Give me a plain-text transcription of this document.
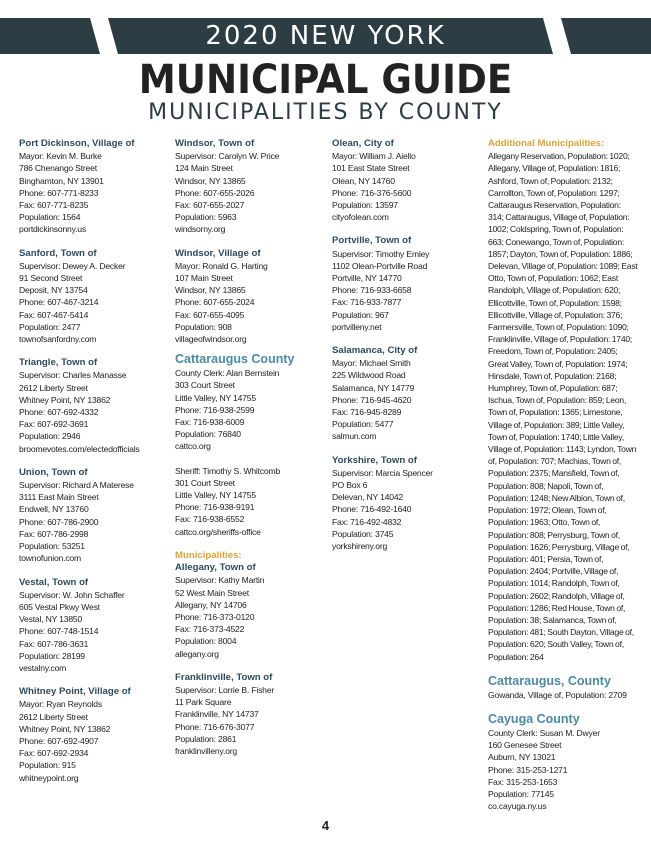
2020 NEW YORK
MUNICIPAL GUIDE
MUNICIPALITIES BY COUNTY
Port Dickinson, Village of
Mayor: Kevin M. Burke
786 Chenango Street
Binghamton, NY 13901
Phone: 607-771-8233
Fax: 607-771-8235
Population: 1564
portdickinsonny.us
Sanford, Town of
Supervisor: Dewey A. Decker
91 Second Street
Deposit, NY 13754
Phone: 607-467-3214
Fax: 607-467-5414
Population: 2477
townofsanfordny.com
Triangle, Town of
Supervisor: Charles Manasse
2612 Liberty Street
Whitney Point, NY 13862
Phone: 607-692-4332
Fax: 607-692-3691
Population: 2946
broomevotes.com/electedofficials
Union, Town of
Supervisor: Richard A Materese
3111 East Main Street
Endwell, NY 13760
Phone: 607-786-2900
Fax: 607-786-2998
Population: 53251
townofunion.com
Vestal, Town of
Supervisor: W. John Schaffer
605 Vestal Pkwy West
Vestal, NY 13850
Phone: 607-748-1514
Fax: 607-786-3631
Population: 28199
vestalny.com
Whitney Point, Village of
Mayor: Ryan Reynolds
2612 Liberty Street
Whitney Point, NY 13862
Phone: 607-692-4907
Fax: 607-692-2934
Population: 915
whitneypoint.org
Windsor, Town of
Supervisor: Carolyn W. Price
124 Main Street
Windsor, NY 13865
Phone: 607-655-2026
Fax: 607-655-2027
Population: 5963
windsorny.org
Windsor, Village of
Mayor: Ronald G. Harting
107 Main Street
Windsor, NY 13865
Phone: 607-655-2024
Fax: 607-655-4095
Population: 908
villageofwindsor.org
Cattaraugus County
County Clerk: Alan Bernstein
303 Court Street
Little Valley, NY 14755
Phone: 716-938-2599
Fax: 716-938-6009
Population: 76840
cattco.org
Sheriff: Timothy S. Whitcomb
301 Court Street
Little Valley, NY 14755
Phone: 716-938-9191
Fax: 716-938-6552
cattco.org/sheriffs-office
Municipalities:
Allegany, Town of
Supervisor: Kathy Martin
52 West Main Street
Allegany, NY 14706
Phone: 716-373-0120
Fax: 716-373-4522
Population: 8004
allegany.org
Franklinville, Town of
Supervisor: Lorrie B. Fisher
11 Park Square
Franklinville, NY 14737
Phone: 716-676-3077
Population: 2861
franklinvilleny.org
Olean, City of
Mayor: William J. Aiello
101 East State Street
Olean, NY 14760
Phone: 716-376-5600
Population: 13597
cityofolean.com
Portville, Town of
Supervisor: Timothy Emley
1102 Olean-Portville Road
Portville, NY 14770
Phone: 716-933-6658
Fax: 716-933-7877
Population: 967
portvilleny.net
Salamanca, City of
Mayor: Michael Smith
225 Wildwood Road
Salamanca, NY 14779
Phone: 716-945-4620
Fax: 716-945-8289
Population: 5477
salmun.com
Yorkshire, Town of
Supervisor: Marcia Spencer
PO Box 6
Delevan, NY 14042
Phone: 716-492-1640
Fax: 716-492-4832
Population: 3745
yorkshireny.org
Additional Municipalities:
Allegany Reservation, Population: 1020; Allegany, Village of, Population: 1816; Ashford, Town of, Population: 2132; Carrollton, Town of, Population: 1297; Cattaraugus Reservation, Population: 314; Cattaraugus, Village of, Population: 1002; Coldspring, Town of, Population: 663; Conewango, Town of, Population: 1857; Dayton, Town of, Population: 1886; Delevan, Village of, Population: 1089; East Otto, Town of, Population: 1062; East Randolph, Village of, Population: 620; Ellicottville, Town of, Population: 1598; Ellicottville, Village of, Population: 376; Farmersville, Town of, Population: 1090; Franklinville, Village of, Population: 1740; Freedom, Town of, Population: 2405; Great Valley, Town of, Population: 1974; Hinsdale, Town of, Population: 2168; Humphrey, Town of, Population: 687; Ischua, Town of, Population: 859; Leon, Town of, Population: 1365; Limestone, Village of, Population: 389; Little Valley, Town of, Population: 1740; Little Valley, Village of, Population: 1143; Lyndon, Town of, Population: 707; Machias, Town of, Population: 2375; Mansfield, Town of, Population: 808; Napoli, Town of, Population: 1248; New Albion, Town of, Population: 1972; Olean, Town of, Population: 1963; Otto, Town of, Population: 808; Perrysburg, Town of, Population: 1626; Perrysburg, Village of, Population: 401; Persia, Town of, Population: 2404; Portville, Village of, Population: 1014; Randolph, Town of, Population: 2602; Randolph, Village of, Population: 1286; Red House, Town of, Population: 38; Salamanca, Town of, Population: 481; South Dayton, Village of, Population: 620; South Valley, Town of, Population: 264
Cattaraugus, County
Gowanda, Village of, Population: 2709
Cayuga County
County Clerk: Susan M. Dwyer
160 Genesee Street
Auburn, NY 13021
Phone: 315-253-1271
Fax: 315-253-1653
Population: 77145
co.cayuga.ny.us
4
